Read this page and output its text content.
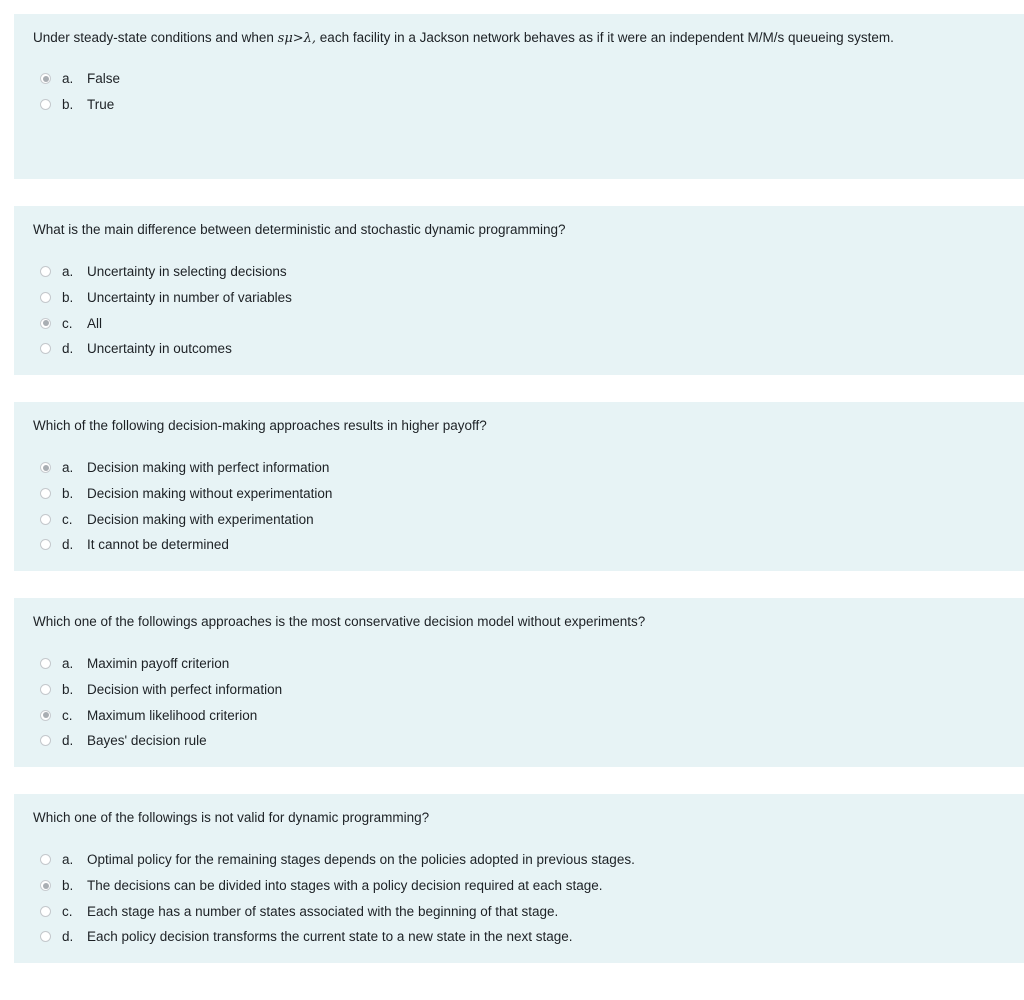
Under steady-state conditions and when sμ>λ, each facility in a Jackson network behaves as if it were an independent M/M/s queueing system.
a. False
b. True
What is the main difference between deterministic and stochastic dynamic programming?
a. Uncertainty in selecting decisions
b. Uncertainty in number of variables
c. All
d. Uncertainty in outcomes
Which of the following decision-making approaches results in higher payoff?
a. Decision making with perfect information
b. Decision making without experimentation
c. Decision making with experimentation
d. It cannot be determined
Which one of the followings approaches is the most conservative decision model without experiments?
a. Maximin payoff criterion
b. Decision with perfect information
c. Maximum likelihood criterion
d. Bayes' decision rule
Which one of the followings is not valid for dynamic programming?
a. Optimal policy for the remaining stages depends on the policies adopted in previous stages.
b. The decisions can be divided into stages with a policy decision required at each stage.
c. Each stage has a number of states associated with the beginning of that stage.
d. Each policy decision transforms the current state to a new state in the next stage.
